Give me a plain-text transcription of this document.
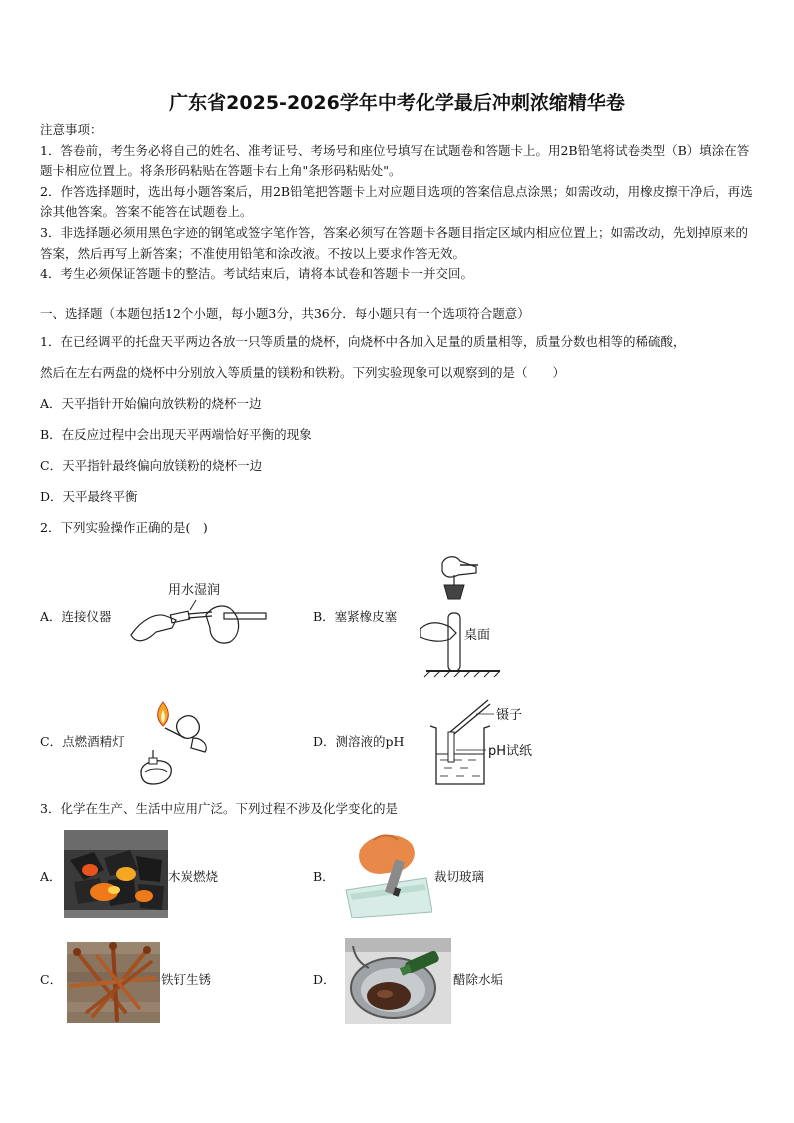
广东省2025-2026学年中考化学最后冲刺浓缩精华卷

注意事项：

1．答卷前，考生务必将自己的姓名、准考证号、考场号和座位号填写在试题卷和答题卡上。用2B铅笔将试卷类型（B）填涂在答题卡相应位置上。将条形码粘贴在答题卡右上角"条形码粘贴处"。

2．作答选择题时，选出每小题答案后，用2B铅笔把答题卡上对应题目选项的答案信息点涂黑；如需改动，用橡皮擦干净后，再选涂其他答案。答案不能答在试题卷上。

3．非选择题必须用黑色字迹的钢笔或签字笔作答，答案必须写在答题卡各题目指定区域内相应位置上；如需改动，先划掉原来的答案，然后再写上新答案；不准使用铅笔和涂改液。不按以上要求作答无效。

4．考生必须保证答题卡的整洁。考试结束后，请将本试卷和答题卡一并交回。

一、选择题（本题包括12个小题，每小题3分，共36分．每小题只有一个选项符合题意）
1．在已经调平的托盘天平两边各放一只等质量的烧杯，向烧杯中各加入足量的质量相等，质量分数也相等的稀硫酸，
然后在左右两盘的烧杯中分别放入等质量的镁粉和铁粉。下列实验现象可以观察到的是（　　）
A．天平指针开始偏向放铁粉的烧杯一边
B．在反应过程中会出现天平两端恰好平衡的现象
C．天平指针最终偏向放镁粉的烧杯一边
D．天平最终平衡
2．下列实验操作正确的是(　)
A．连接仪器
用水湿润
B．塞紧橡皮塞
桌面
C．点燃酒精灯	D．测溶液的pH
镊子
pH试纸
3．化学在生产、生活中应用广泛。下列过程不涉及化学变化的是
A．	木炭燃烧	B．	裁切玻璃
C．	铁钉生锈	D．	醋除水垢
